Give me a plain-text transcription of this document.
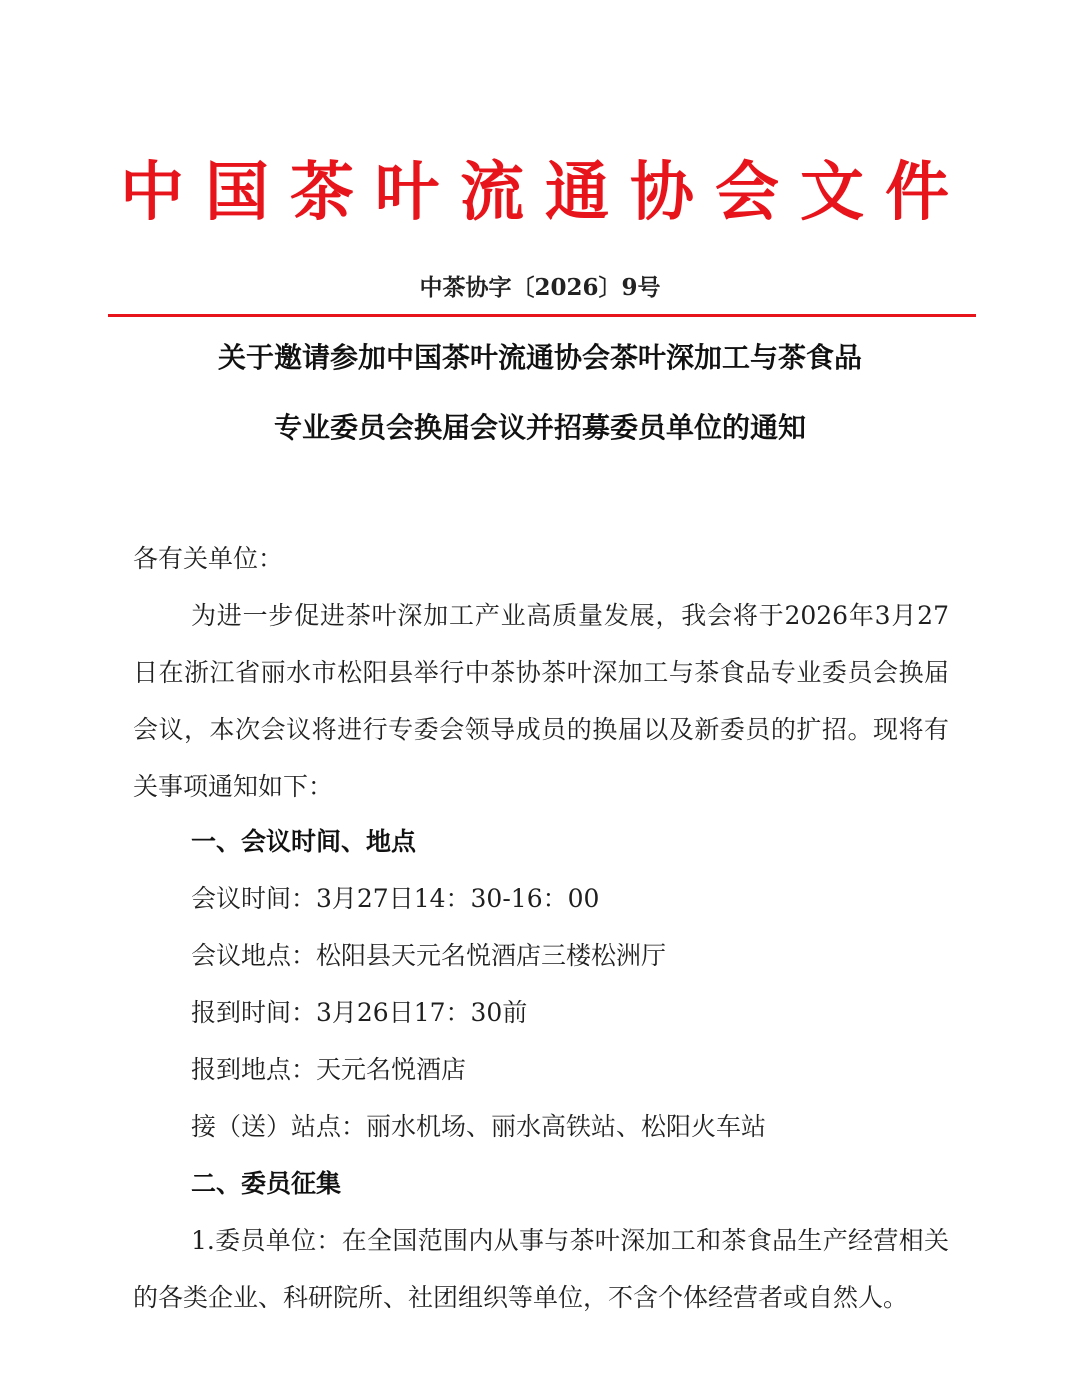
中国茶叶流通协会文件
中茶协字〔2026〕9号
关于邀请参加中国茶叶流通协会茶叶深加工与茶食品
专业委员会换届会议并招募委员单位的通知
各有关单位：

为进一步促进茶叶深加工产业高质量发展，我会将于2026年3月27日在浙江省丽水市松阳县举行中茶协茶叶深加工与茶食品专业委员会换届会议，本次会议将进行专委会领导成员的换届以及新委员的扩招。现将有关事项通知如下：

一、会议时间、地点
会议时间：3月27日14：30-16：00
会议地点：松阳县天元名悦酒店三楼松洲厅
报到时间：3月26日17：30前
报到地点：天元名悦酒店
接（送）站点：丽水机场、丽水高铁站、松阳火车站
二、委员征集

1.委员单位：在全国范围内从事与茶叶深加工和茶食品生产经营相关的各类企业、科研院所、社团组织等单位，不含个体经营者或自然人。
